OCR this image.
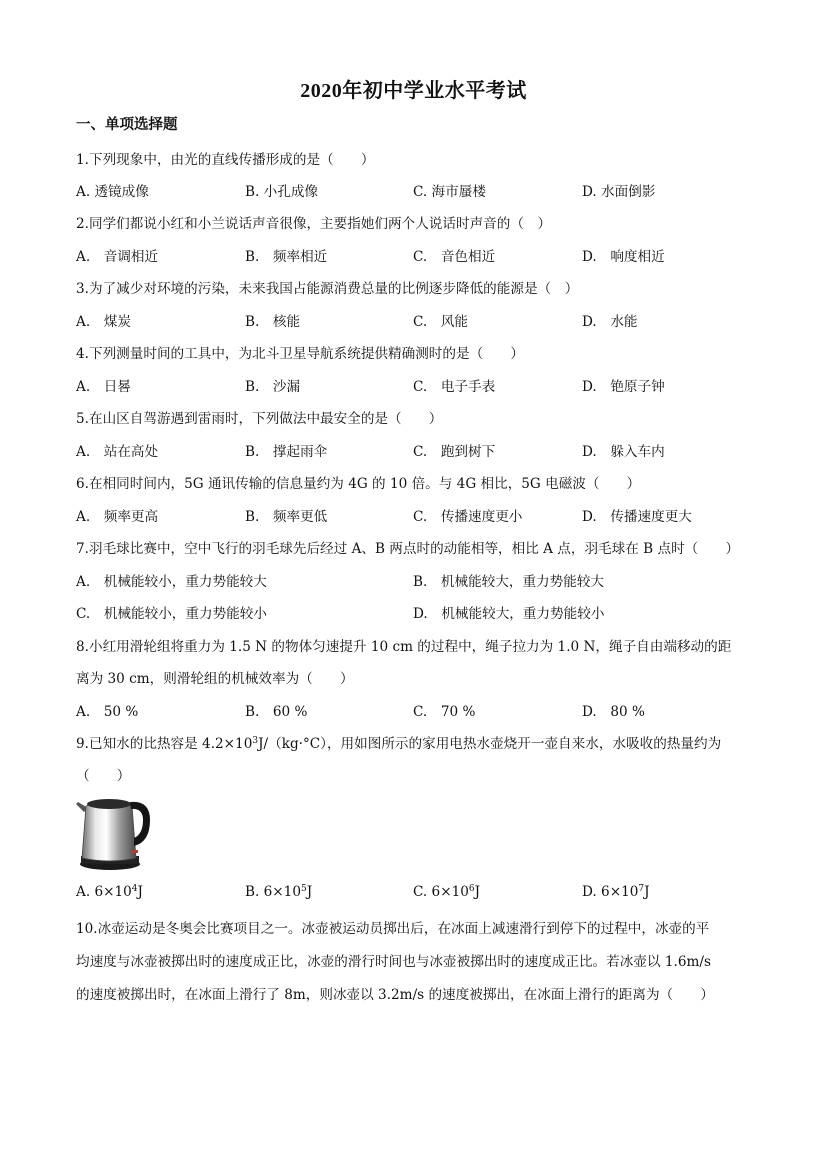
2020年初中学业水平考试
一、单项选择题
1.下列现象中，由光的直线传播形成的是（　　）
A. 透镜成像	B. 小孔成像	C. 海市蜃楼	D. 水面倒影
2.同学们都说小红和小兰说话声音很像，主要指她们两个人说话时声音的（　）
A.　音调相近	B.　频率相近	C.　音色相近	D.　响度相近
3.为了减少对环境的污染，未来我国占能源消费总量的比例逐步降低的能源是（　）
A.　煤炭	B.　核能	C.　风能	D.　水能
4.下列测量时间的工具中，为北斗卫星导航系统提供精确测时的是（　　）
A.　日晷	B.　沙漏	C.　电子手表	D.　铯原子钟
5.在山区自驾游遇到雷雨时，下列做法中最安全的是（　　）
A.　站在高处	B.　撑起雨伞	C.　跑到树下	D.　躲入车内
6.在相同时间内，5G 通讯传输的信息量约为 4G 的 10 倍。与 4G 相比，5G 电磁波（　　）
A.　频率更高	B.　频率更低	C.　传播速度更小	D.　传播速度更大
7.羽毛球比赛中，空中飞行的羽毛球先后经过 A、B 两点时的动能相等，相比 A 点，羽毛球在 B 点时（　　）
A.　机械能较小，重力势能较大	B.　机械能较大，重力势能较大
C.　机械能较小，重力势能较小	D.　机械能较大，重力势能较小
8.小红用滑轮组将重力为 1.5 N 的物体匀速提升 10 cm 的过程中，绳子拉力为 1.0 N，绳子自由端移动的距
离为 30 cm，则滑轮组的机械效率为（　　）
A.　50 %	B.　60 %	C.　70 %	D.　80 %
9.已知水的比热容是 $4.2\times 10^3J/(kg\cdot^\circ C)$，用如图所示的家用电热水壶烧开一壶自来水，水吸收的热量约为
（　　）
A. $6\times 10^4J$	B. $6\times 10^5J$	C. $6\times 10^6J$	D. $6\times 10^7J$
10.冰壶运动是冬奥会比赛项目之一。冰壶被运动员掷出后，在冰面上减速滑行到停下的过程中，冰壶的平
均速度与冰壶被掷出时的速度成正比，冰壶的滑行时间也与冰壶被掷出时的速度成正比。若冰壶以 1.6m/s
的速度被掷出时，在冰面上滑行了 8m，则冰壶以 3.2m/s 的速度被掷出，在冰面上滑行的距离为（　　）
